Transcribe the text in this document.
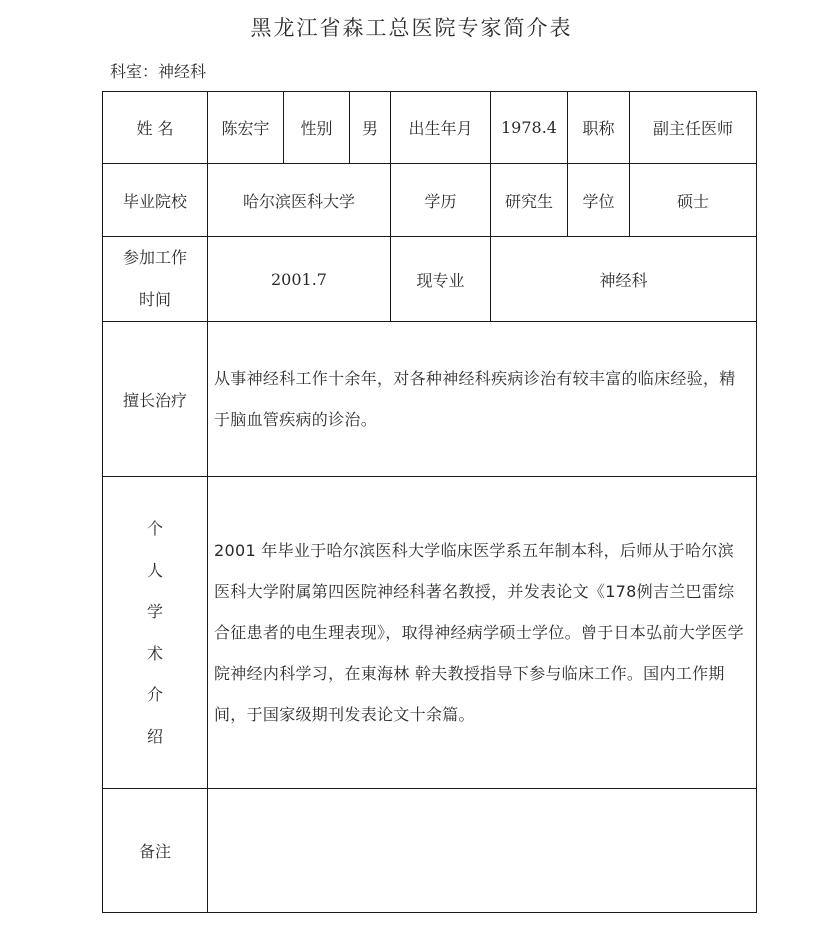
黑龙江省森工总医院专家简介表
科室：神经科
姓 名	陈宏宇	性别	男	出生年月	1978.4	职称	副主任医师
毕业院校	哈尔滨医科大学			学历	研究生	学位	硕士

参加工作
时间	2001.7			现专业	神经科		
擅长治疗	从事神经科工作十余年，对各种神经科疾病诊治有较丰富的临床经验，精于脑血管疾病的诊治。						

个
人
学
术
介
绍
	2001 年毕业于哈尔滨医科大学临床医学系五年制本科，后师从于哈尔滨医科大学附属第四医院神经科著名教授，并发表论文《178例吉兰巴雷综合征患者的电生理表现》，取得神经病学硕士学位。曾于日本弘前大学医学院神经内科学习，在東海林 幹夫教授指导下参与临床工作。国内工作期间，于国家级期刊发表论文十余篇。
备注							
